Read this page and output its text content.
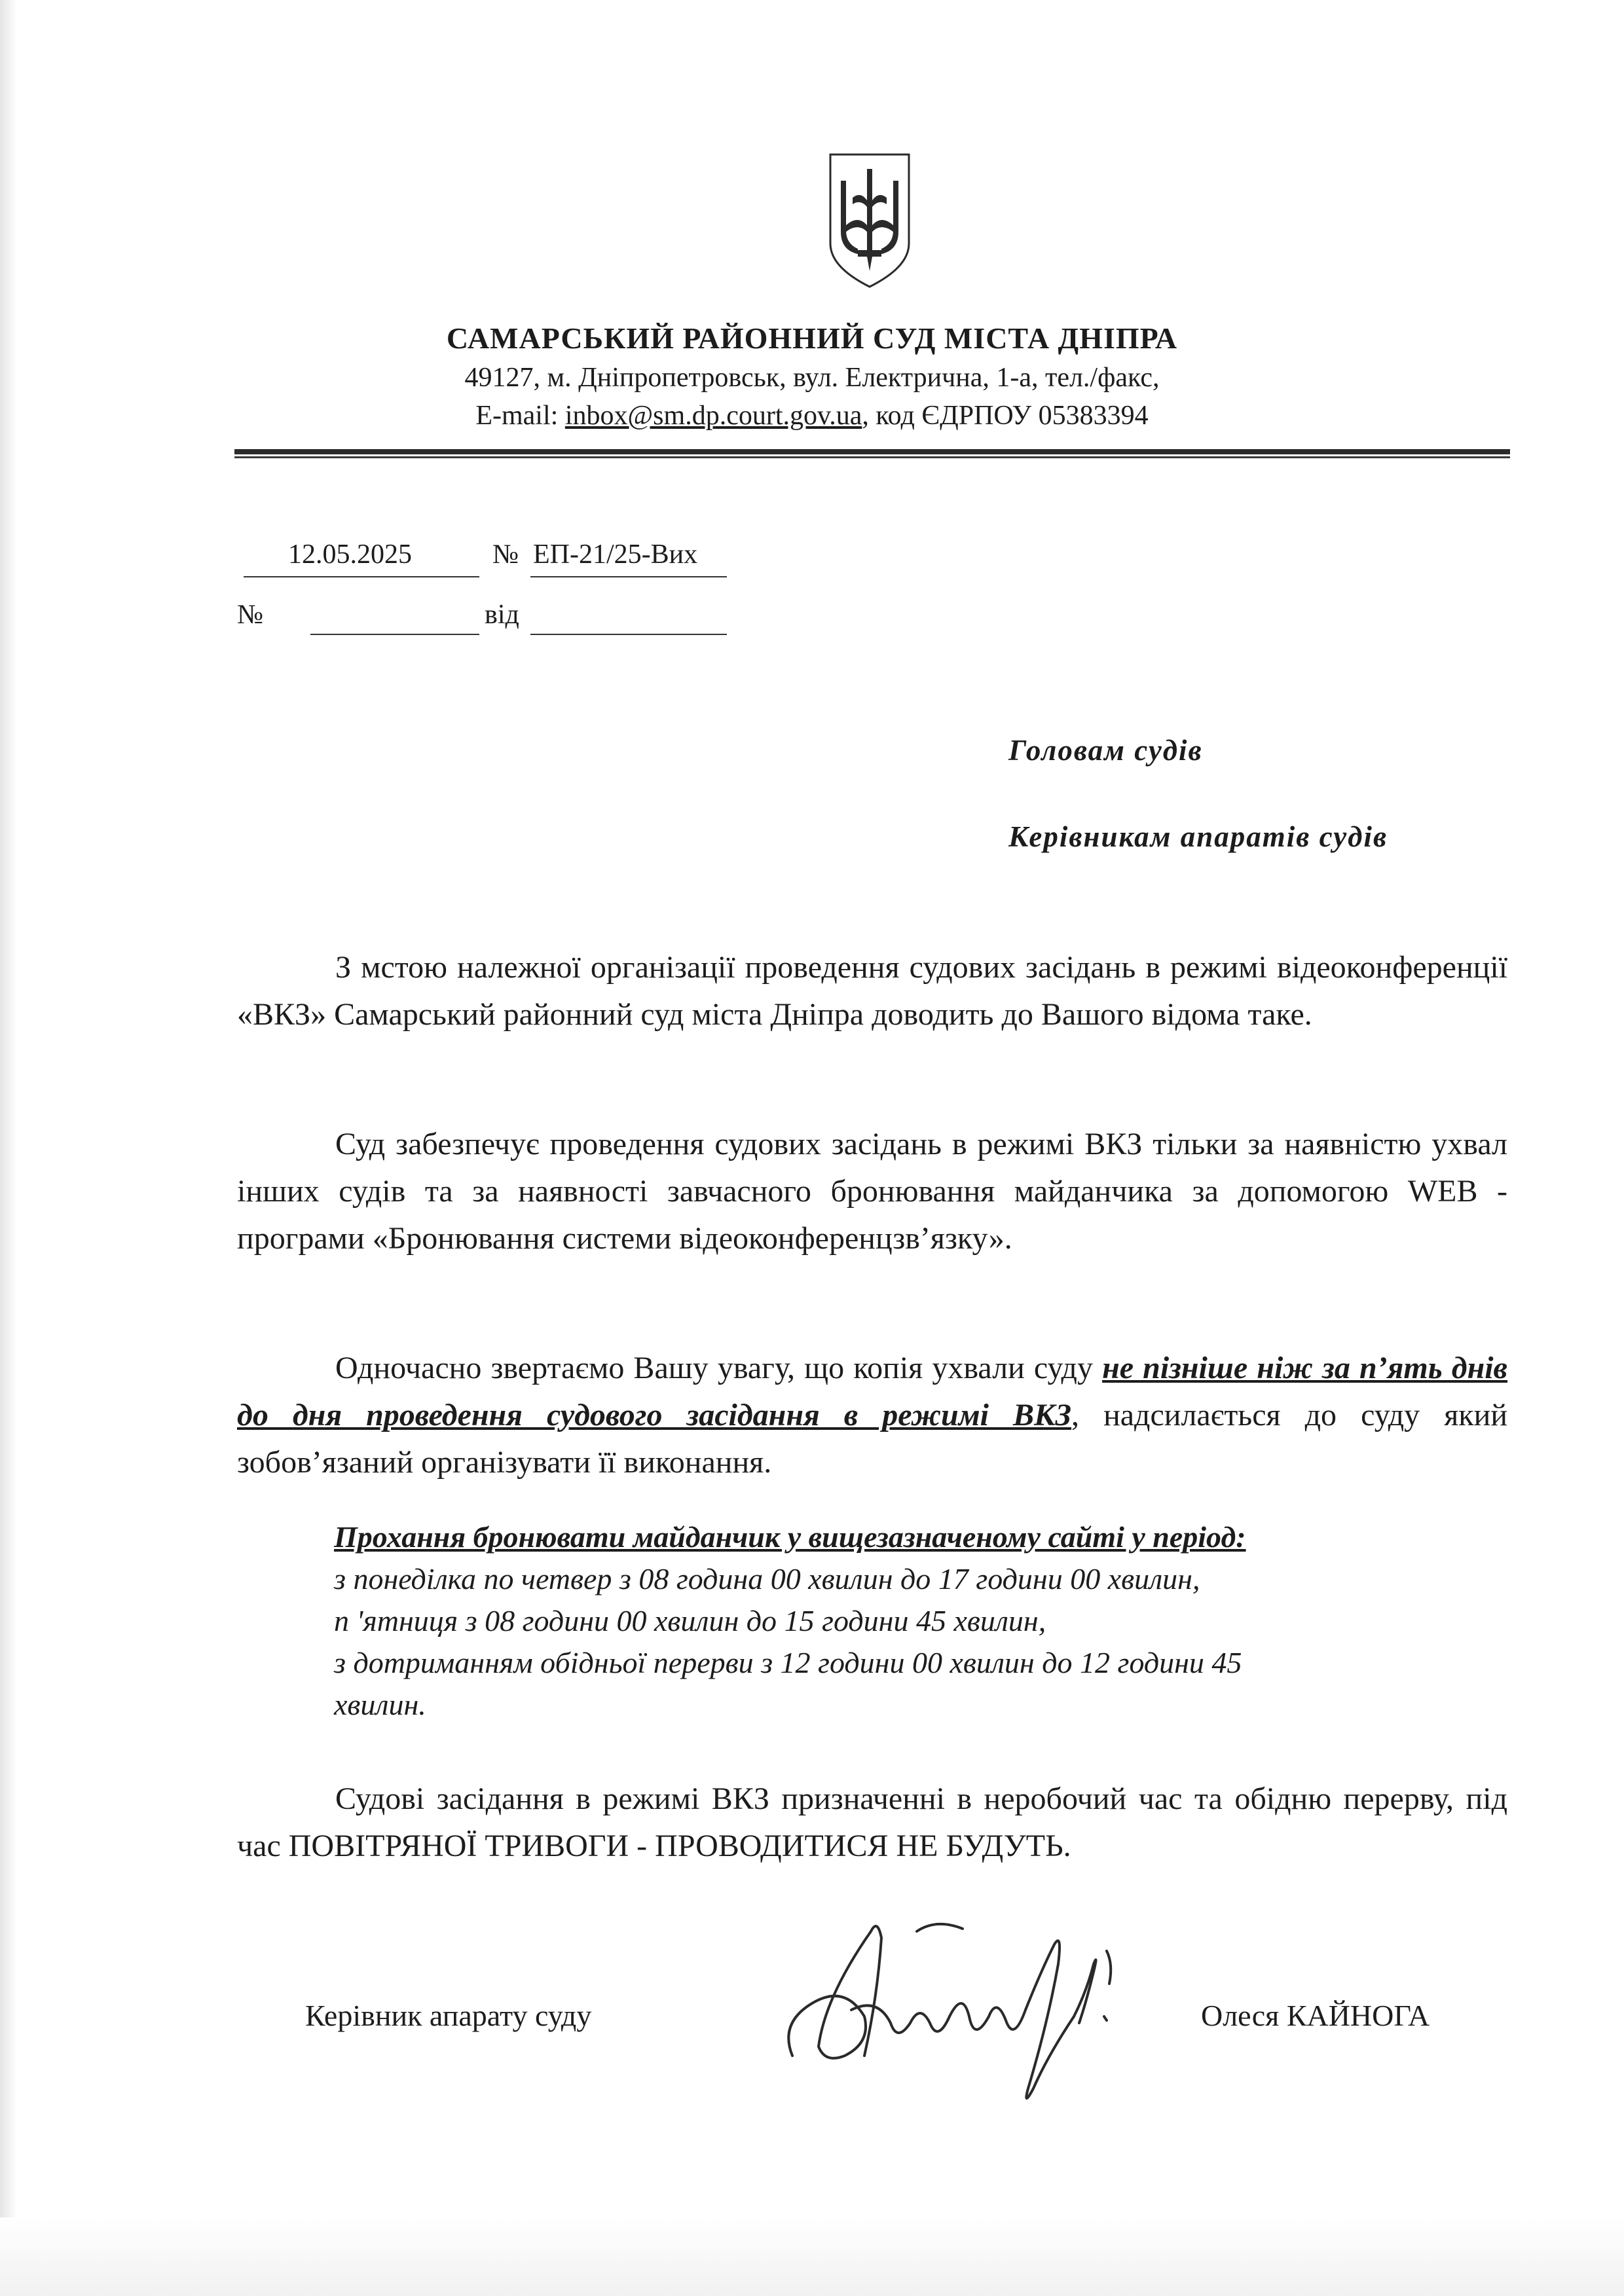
САМАРСЬКИЙ РАЙОННИЙ СУД МІСТА ДНІПРА
49127, м. Дніпропетровськ, вул. Електрична, 1-а, тел./факс,
E-mail: inbox@sm.dp.court.gov.ua, код ЄДРПОУ 05383394
12.05.2025	№ ЕП-21/25-Вих
№	від
Головам судів
Керівникам апаратів судів
З мстою належної організації проведення судових засідань в режимі відеоконференції «ВКЗ» Самарський районний суд міста Дніпра доводить до Вашого відома таке.
Суд забезпечує проведення судових засідань в режимі ВКЗ тільки за наявністю ухвал інших судів та за наявності завчасного бронювання майданчика за допомогою WEB - програми «Бронювання системи відеоконференцзв’язку».
Одночасно звертаємо Вашу увагу, що копія ухвали суду не пізніше ніж за п’ять днів до дня проведення судового засідання в режимі ВКЗ, надсилається до суду який зобов’язаний організувати її виконання.
Прохання бронювати майданчик у вищезазначеному сайті у період:
з понеділка по четвер з 08 година 00 хвилин до 17 години 00 хвилин,
п 'ятниця з 08 години 00 хвилин до 15 години 45 хвилин,
з дотриманням обідньої перерви з 12 години 00 хвилин до 12 години 45
хвилин.
Судові засідання в режимі ВКЗ призначенні в неробочий час та обідню перерву, під час ПОВІТРЯНОЇ ТРИВОГИ - ПРОВОДИТИСЯ НЕ БУДУТЬ.
Керівник апарату суду	Олеся КАЙНОГА
